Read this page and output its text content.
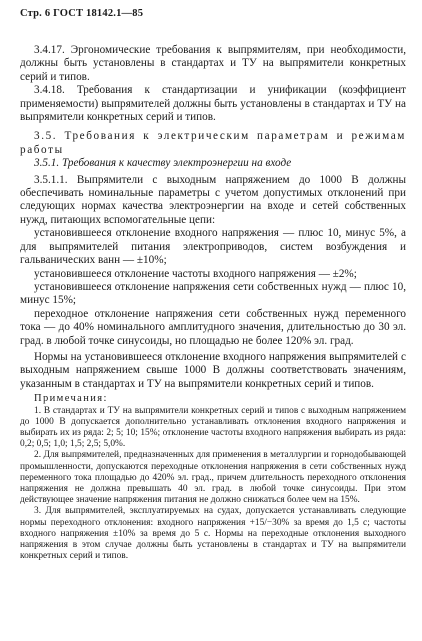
Стр. 6 ГОСТ 18142.1—85

3.4.17. Эргономические требования к выпрямителям, при необходимости, должны быть установлены в стандартах и ТУ на выпрямители конкретных серий и типов.

3.4.18. Требования к стандартизации и унификации (коэффициент применяемости) выпрямителей должны быть установлены в стандартах и ТУ на выпрямители конкретных серий и типов.

3.5. Требования к электрическим параметрам и режимам работы

3.5.1. Требования к качеству электроэнергии на входе

3.5.1.1. Выпрямители с выходным напряжением до 1000 В должны обеспечивать номинальные параметры с учетом допустимых отклонений при следующих нормах качества электроэнергии на входе и сетей собственных нужд, питающих вспомогательные цепи:

установившееся отклонение входного напряжения — плюс 10, минус 5%, а для выпрямителей питания электроприводов, систем возбуждения и гальванических ванн — ±10%;

установившееся отклонение частоты входного напряжения — ±2%;

установившееся отклонение напряжения сети собственных нужд — плюс 10, минус 15%;

переходное отклонение напряжения сети собственных нужд переменного тока — до 40% номинального амплитудного значения, длительностью до 30 эл. град. в любой точке синусоиды, но площадью не более 120% эл. град.

Нормы на установившееся отклонение входного напряжения выпрямителей с выходным напряжением свыше 1000 В должны соответствовать значениям, указанным в стандартах и ТУ на выпрямители конкретных серий и типов.

Примечания:

1. В стандартах и ТУ на выпрямители конкретных серий и типов с выходным напряжением до 1000 В допускается дополнительно устанавливать отклонения входного напряжения и выбирать их из ряда: 2; 5; 10; 15%; отклонение частоты входного напряжения выбирать из ряда: 0,2; 0,5; 1,0; 1,5; 2,5; 5,0%.

2. Для выпрямителей, предназначенных для применения в металлургии и горнодобывающей промышленности, допускаются переходные отклонения напряжения в сети собственных нужд переменного тока площадью до 420% эл. град., причем длительность переходного отклонения напряжения не должна превышать 40 эл. град. в любой точке синусоиды. При этом действующее значение напряжения питания не должно снижаться более чем на 15%.

3. Для выпрямителей, эксплуатируемых на судах, допускается устанавливать следующие нормы переходного отклонения: входного напряжения +15/−30% за время до 1,5 с; частоты входного напряжения ±10% за время до 5 с. Нормы на переходные отклонения выходного напряжения в этом случае должны быть установлены в стандартах и ТУ на выпрямители конкретных серий и типов.
